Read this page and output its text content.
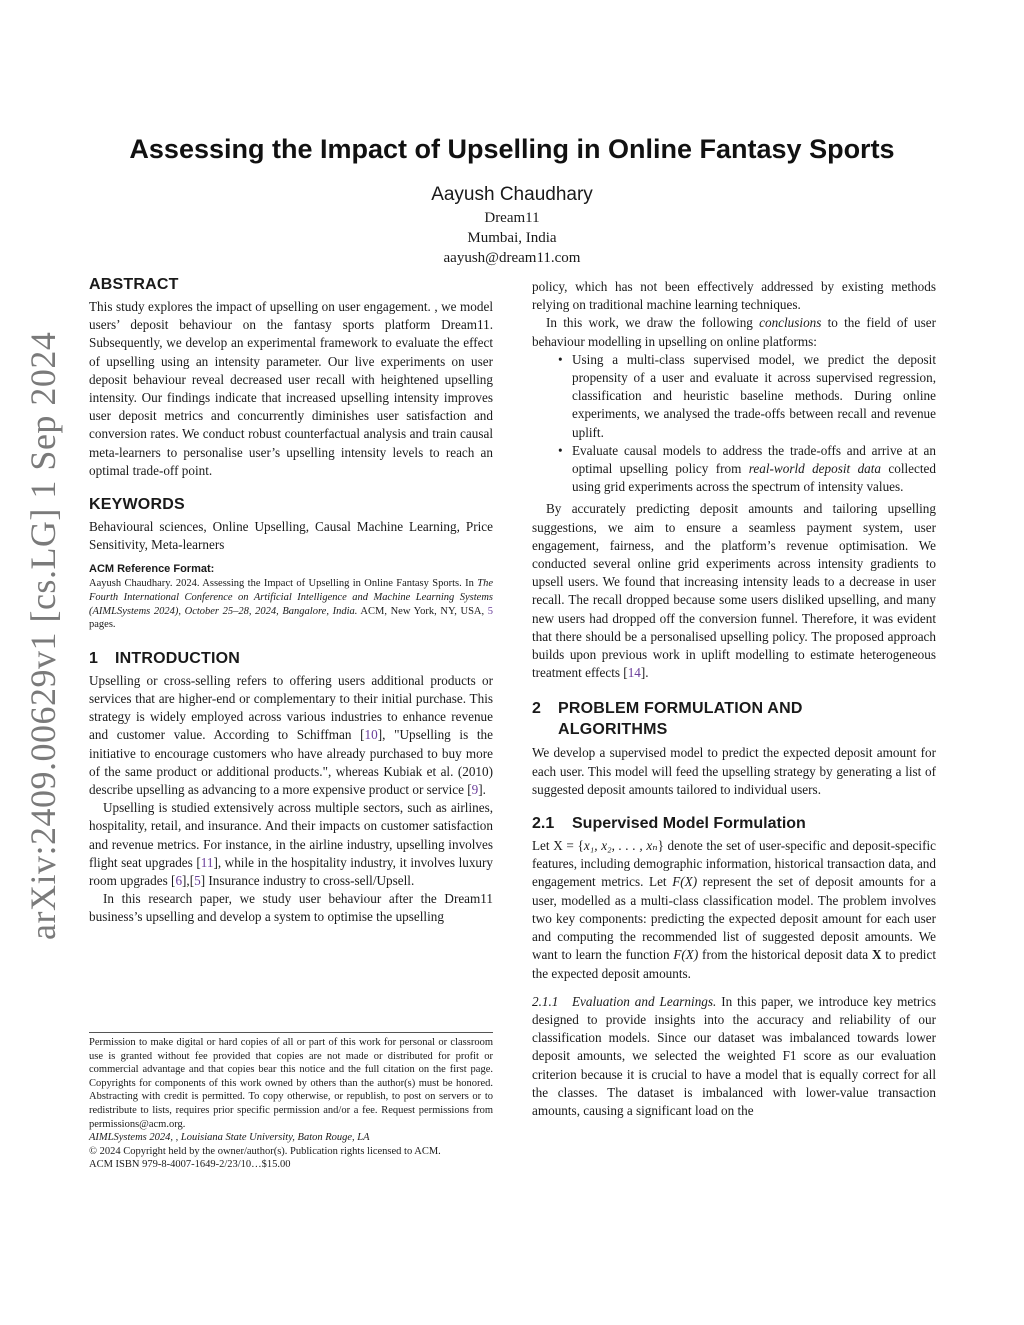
arXiv:2409.00629v1 [cs.LG] 1 Sep 2024
Assessing the Impact of Upselling in Online Fantasy Sports
Aayush Chaudhary
Dream11
Mumbai, India
aayush@dream11.com
ABSTRACT

This study explores the impact of upselling on user engagement. , we model users’ deposit behaviour on the fantasy sports platform Dream11. Subsequently, we develop an experimental framework to evaluate the effect of upselling using an intensity parameter. Our live experiments on user deposit behaviour reveal decreased user recall with heightened upselling intensity. Our findings indicate that increased upselling intensity improves user deposit metrics and concurrently diminishes user satisfaction and conversion rates. We conduct robust counterfactual analysis and train causal meta-learners to personalise user’s upselling intensity levels to reach an optimal trade-off point.

KEYWORDS

Behavioural sciences, Online Upselling, Causal Machine Learning, Price Sensitivity, Meta-learners

ACM Reference Format:

Aayush Chaudhary. 2024. Assessing the Impact of Upselling in Online Fantasy Sports. In The Fourth International Conference on Artificial Intelligence and Machine Learning Systems (AIMLSystems 2024), October 25–28, 2024, Bangalore, India. ACM, New York, NY, USA, 5 pages.

1 INTRODUCTION

Upselling or cross-selling refers to offering users additional products or services that are higher-end or complementary to their initial purchase. This strategy is widely employed across various industries to enhance revenue and customer value. According to Schiffman [10], "Upselling is the initiative to encourage customers who have already purchased to buy more of the same product or additional products.", whereas Kubiak et al. (2010) describe upselling as advancing to a more expensive product or service [9].

Upselling is studied extensively across multiple sectors, such as airlines, hospitality, retail, and insurance. And their impacts on customer satisfaction and revenue metrics. For instance, in the airline industry, upselling involves flight seat upgrades [11], while in the hospitality industry, it involves luxury room upgrades [6],[5] Insurance industry to cross-sell/Upsell.

In this research paper, we study user behaviour after the Dream11 business’s upselling and develop a system to optimise the upselling

Permission to make digital or hard copies of all or part of this work for personal or classroom use is granted without fee provided that copies are not made or distributed for profit or commercial advantage and that copies bear this notice and the full citation on the first page. Copyrights for components of this work owned by others than the author(s) must be honored. Abstracting with credit is permitted. To copy otherwise, or republish, to post on servers or to redistribute to lists, requires prior specific permission and/or a fee. Request permissions from permissions@acm.org.

AIMLSystems 2024, , Louisiana State University, Baton Rouge, LA

© 2024 Copyright held by the owner/author(s). Publication rights licensed to ACM.

ACM ISBN 979-8-4007-1649-2/23/10…$15.00

policy, which has not been effectively addressed by existing methods relying on traditional machine learning techniques.

In this work, we draw the following conclusions to the field of user behaviour modelling in upselling on online platforms:

• Using a multi-class supervised model, we predict the deposit propensity of a user and evaluate it across supervised regression, classification and heuristic baseline methods. During online experiments, we analysed the trade-offs between recall and revenue uplift.
• Evaluate causal models to address the trade-offs and arrive at an optimal upselling policy from real-world deposit data collected using grid experiments across the spectrum of intensity values.

By accurately predicting deposit amounts and tailoring upselling suggestions, we aim to ensure a seamless payment system, user engagement, fairness, and the platform’s revenue optimisation. We conducted several online grid experiments across intensity gradients to upsell users. We found that increasing intensity leads to a decrease in user recall. The recall dropped because some users disliked upselling, and many new users had dropped off the conversion funnel. Therefore, it was evident that there should be a personalised upselling policy. The proposed approach builds upon previous work in uplift modelling to estimate heterogeneous treatment effects [14].

2 PROBLEM FORMULATION AND
ALGORITHMS

We develop a supervised model to predict the expected deposit amount for each user. This model will feed the upselling strategy by generating a list of suggested deposit amounts tailored to individual users.

2.1 Supervised Model Formulation

Let X = {x₁, x₂, . . . , xₙ} denote the set of user-specific and deposit-specific features, including demographic information, historical transaction data, and engagement metrics. Let F(X) represent the set of deposit amounts for a user, modelled as a multi-class classification model. The problem involves two key components: predicting the expected deposit amount for each user and computing the recommended list of suggested deposit amounts. We want to learn the function F(X) from the historical deposit data X to predict the expected deposit amounts.

2.1.1 Evaluation and Learnings. In this paper, we introduce key metrics designed to provide insights into the accuracy and reliability of our classification models. Since our dataset was imbalanced towards lower deposit amounts, we selected the weighted F1 score as our evaluation criterion because it is crucial to have a model that is equally correct for all the classes. The dataset is imbalanced with lower-value transaction amounts, causing a significant load on the
